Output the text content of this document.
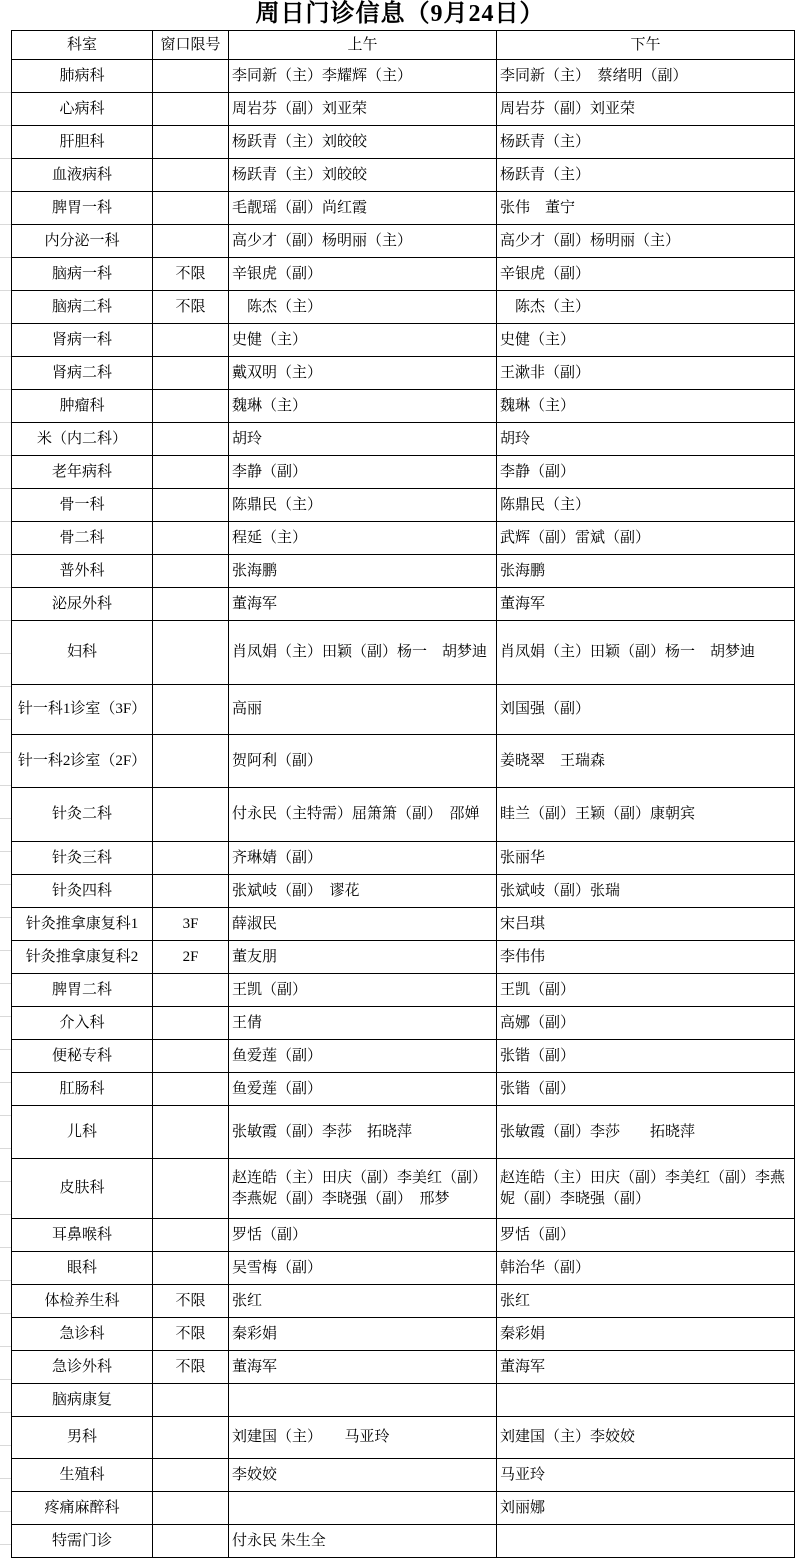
周日门诊信息（9月24日）
科室	窗口限号	上午	下午
肺病科		李同新（主）李耀辉（主）	李同新（主）　蔡绪明（副）
心病科		周岩芬（副）刘亚荣	周岩芬（副）刘亚荣
肝胆科		杨跃青（主）刘皎皎	杨跃青（主）
血液病科		杨跃青（主）刘皎皎	杨跃青（主）
脾胃一科		毛靓瑶（副）尚红霞	张伟　董宁
内分泌一科		高少才（副）杨明丽（主）	高少才（副）杨明丽（主）
脑病一科	不限	辛银虎（副）	辛银虎（副）
脑病二科	不限	　陈杰（主）	　陈杰（主）
肾病一科		史健（主）	史健（主）
肾病二科		戴双明（主）	王漱非（副）
肿瘤科		魏琳（主）	魏琳（主）
米（内二科）		胡玲	胡玲
老年病科		李静（副）	李静（副）
骨一科		陈鼎民（主）	陈鼎民（主）
骨二科		程延（主）	武辉（副）雷斌（副）
普外科		张海鹏	张海鹏
泌尿外科		董海军	董海军
妇科		肖凤娟（主）田颖（副）杨一　胡梦迪	肖凤娟（主）田颖（副）杨一　胡梦迪
针一科1诊室（3F）		高丽	刘国强（副）
针一科2诊室（2F）		贺阿利（副）	姜晓翠　王瑞森
针灸二科		付永民（主特需）屈箫箫（副）　邵婵	眭兰（副）王颖（副）康朝宾
针灸三科		齐琳婧（副）	张丽华
针灸四科		张斌岐（副）　谬花	张斌岐（副）张瑞
针灸推拿康复科1	3F	薛淑民	宋吕琪
针灸推拿康复科2	2F	董友朋	李伟伟
脾胃二科		王凯（副）	王凯（副）
介入科		王倩	高娜（副）
便秘专科		鱼爱莲（副）	张锴（副）
肛肠科		鱼爱莲（副）	张锴（副）
儿科		张敏霞（副）李莎　拓晓萍	张敏霞（副）李莎　　拓晓萍
皮肤科		赵连皓（主）田庆（副）李美红（副）李燕妮（副）李晓强（副）　邢梦	赵连皓（主）田庆（副）李美红（副）李燕妮（副）李晓强（副）
耳鼻喉科		罗恬（副）	罗恬（副）
眼科		吴雪梅（副）	韩治华（副）
体检养生科	不限	张红	张红
急诊科	不限	秦彩娟	秦彩娟
急诊外科	不限	董海军	董海军
脑病康复			
男科		刘建国（主）　　马亚玲	刘建国（主）李姣姣
生殖科		李姣姣	马亚玲
疼痛麻醉科			刘丽娜
特需门诊		付永民 朱生全	
